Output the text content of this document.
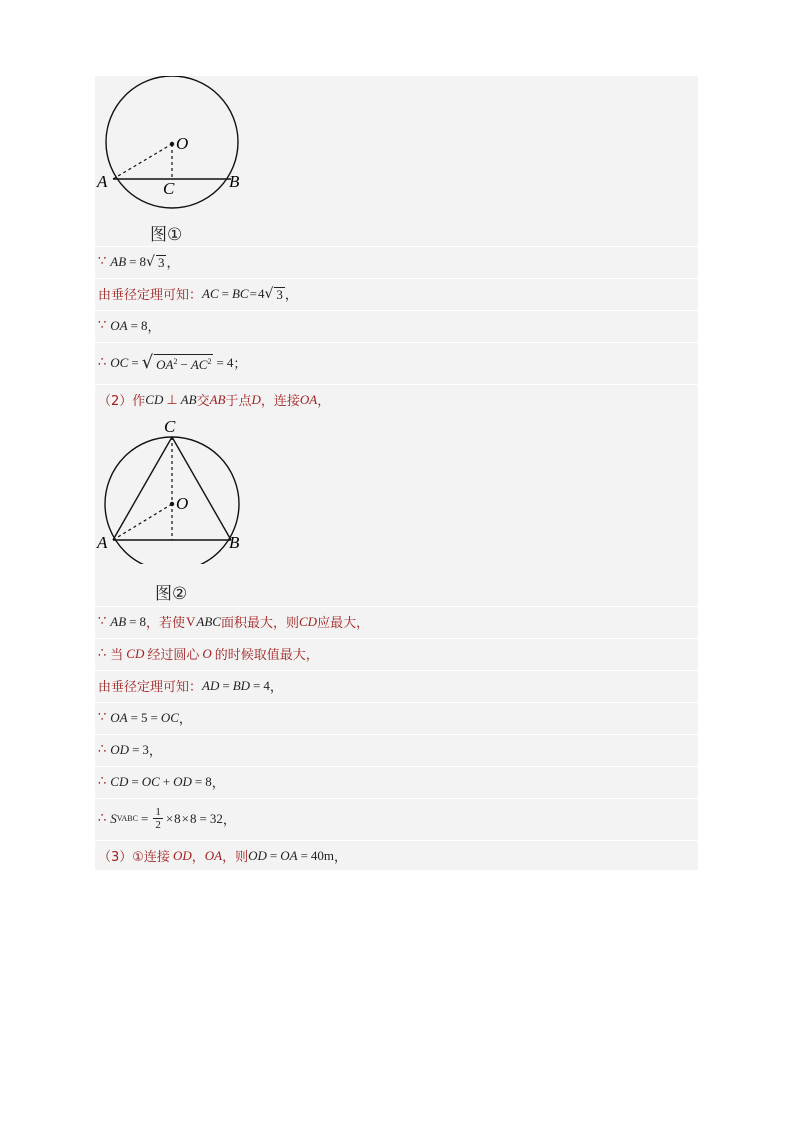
O
A	B
C
图①
∵ AB = 8 √ 3 ，
由垂径定理可知： AC = BC = 4 √ 3 ，
∵ OA = 8 ，
∴ OC = √ $OA^2 - AC^2 = 4$ ；
（2）作 CD ⊥ AB 交 AB 于点 D ，连接 OA ，
O
A	B
C
图②
∵ AB = 8 ，若使 V ABC 面积最大，则 CD 应最大，
∴ 当 CD 经过圆心 O 的时候取值最大，
由垂径定理可知： AD = BD = 4 ，
∵ OA = 5 = OC ，
∴ OD = 3 ，
∴ CD = OC + OD = 8 ，
∴ S VABC = $\frac{1}{2} \times 8 \times 8 = 32$ ，
（3）①连接 OD ， OA ，则 OD = OA = 40m ，
